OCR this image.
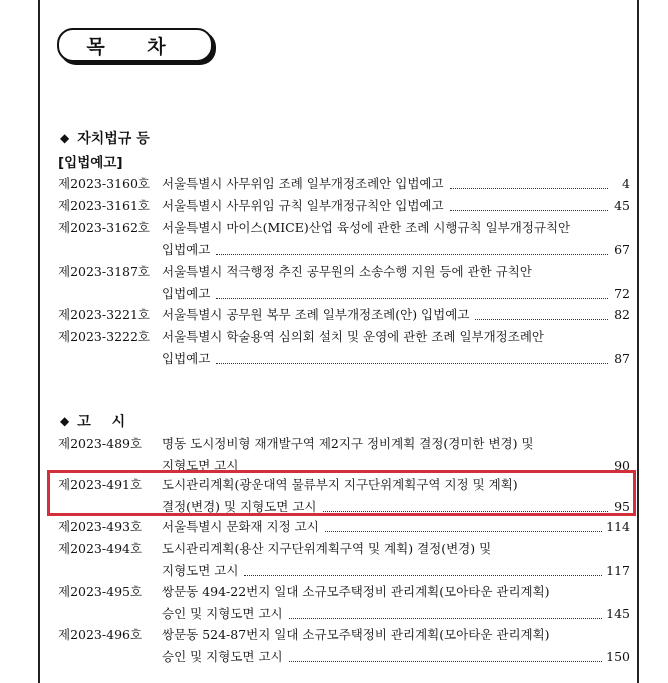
목 차
◆ 자치법규 등
[입법예고]
제2023-3160호 서울특별시 사무위임 조례 일부개정조례안 입법예고	4
제2023-3161호 서울특별시 사무위임 규칙 일부개정규칙안 입법예고	45
제2023-3162호 서울특별시 마이스(MICE)산업 육성에 관한 조례 시행규칙 일부개정규칙안
입법예고	67
제2023-3187호 서울특별시 적극행정 추진 공무원의 소송수행 지원 등에 관한 규칙안
입법예고	72
제2023-3221호 서울특별시 공무원 복무 조례 일부개정조례(안) 입법예고	82
제2023-3222호 서울특별시 학술용역 심의회 설치 및 운영에 관한 조례 일부개정조례안
입법예고	87
◆ 고 시
제2023-489호	명동 도시정비형 재개발구역 제2지구 정비계획 결정(경미한 변경) 및
지형도면 고시	90
제2023-491호	도시관리계획(광운대역 물류부지 지구단위계획구역 지정 및 계획)
결정(변경) 및 지형도면 고시	95
제2023-493호	서울특별시 문화재 지정 고시	114
제2023-494호	도시관리계획(용산 지구단위계획구역 및 계획) 결정(변경) 및
지형도면 고시	117
제2023-495호	쌍문동 494-22번지 일대 소규모주택정비 관리계획(모아타운 관리계획)
승인 및 지형도면 고시	145
제2023-496호	쌍문동 524-87번지 일대 소규모주택정비 관리계획(모아타운 관리계획)
승인 및 지형도면 고시	150
